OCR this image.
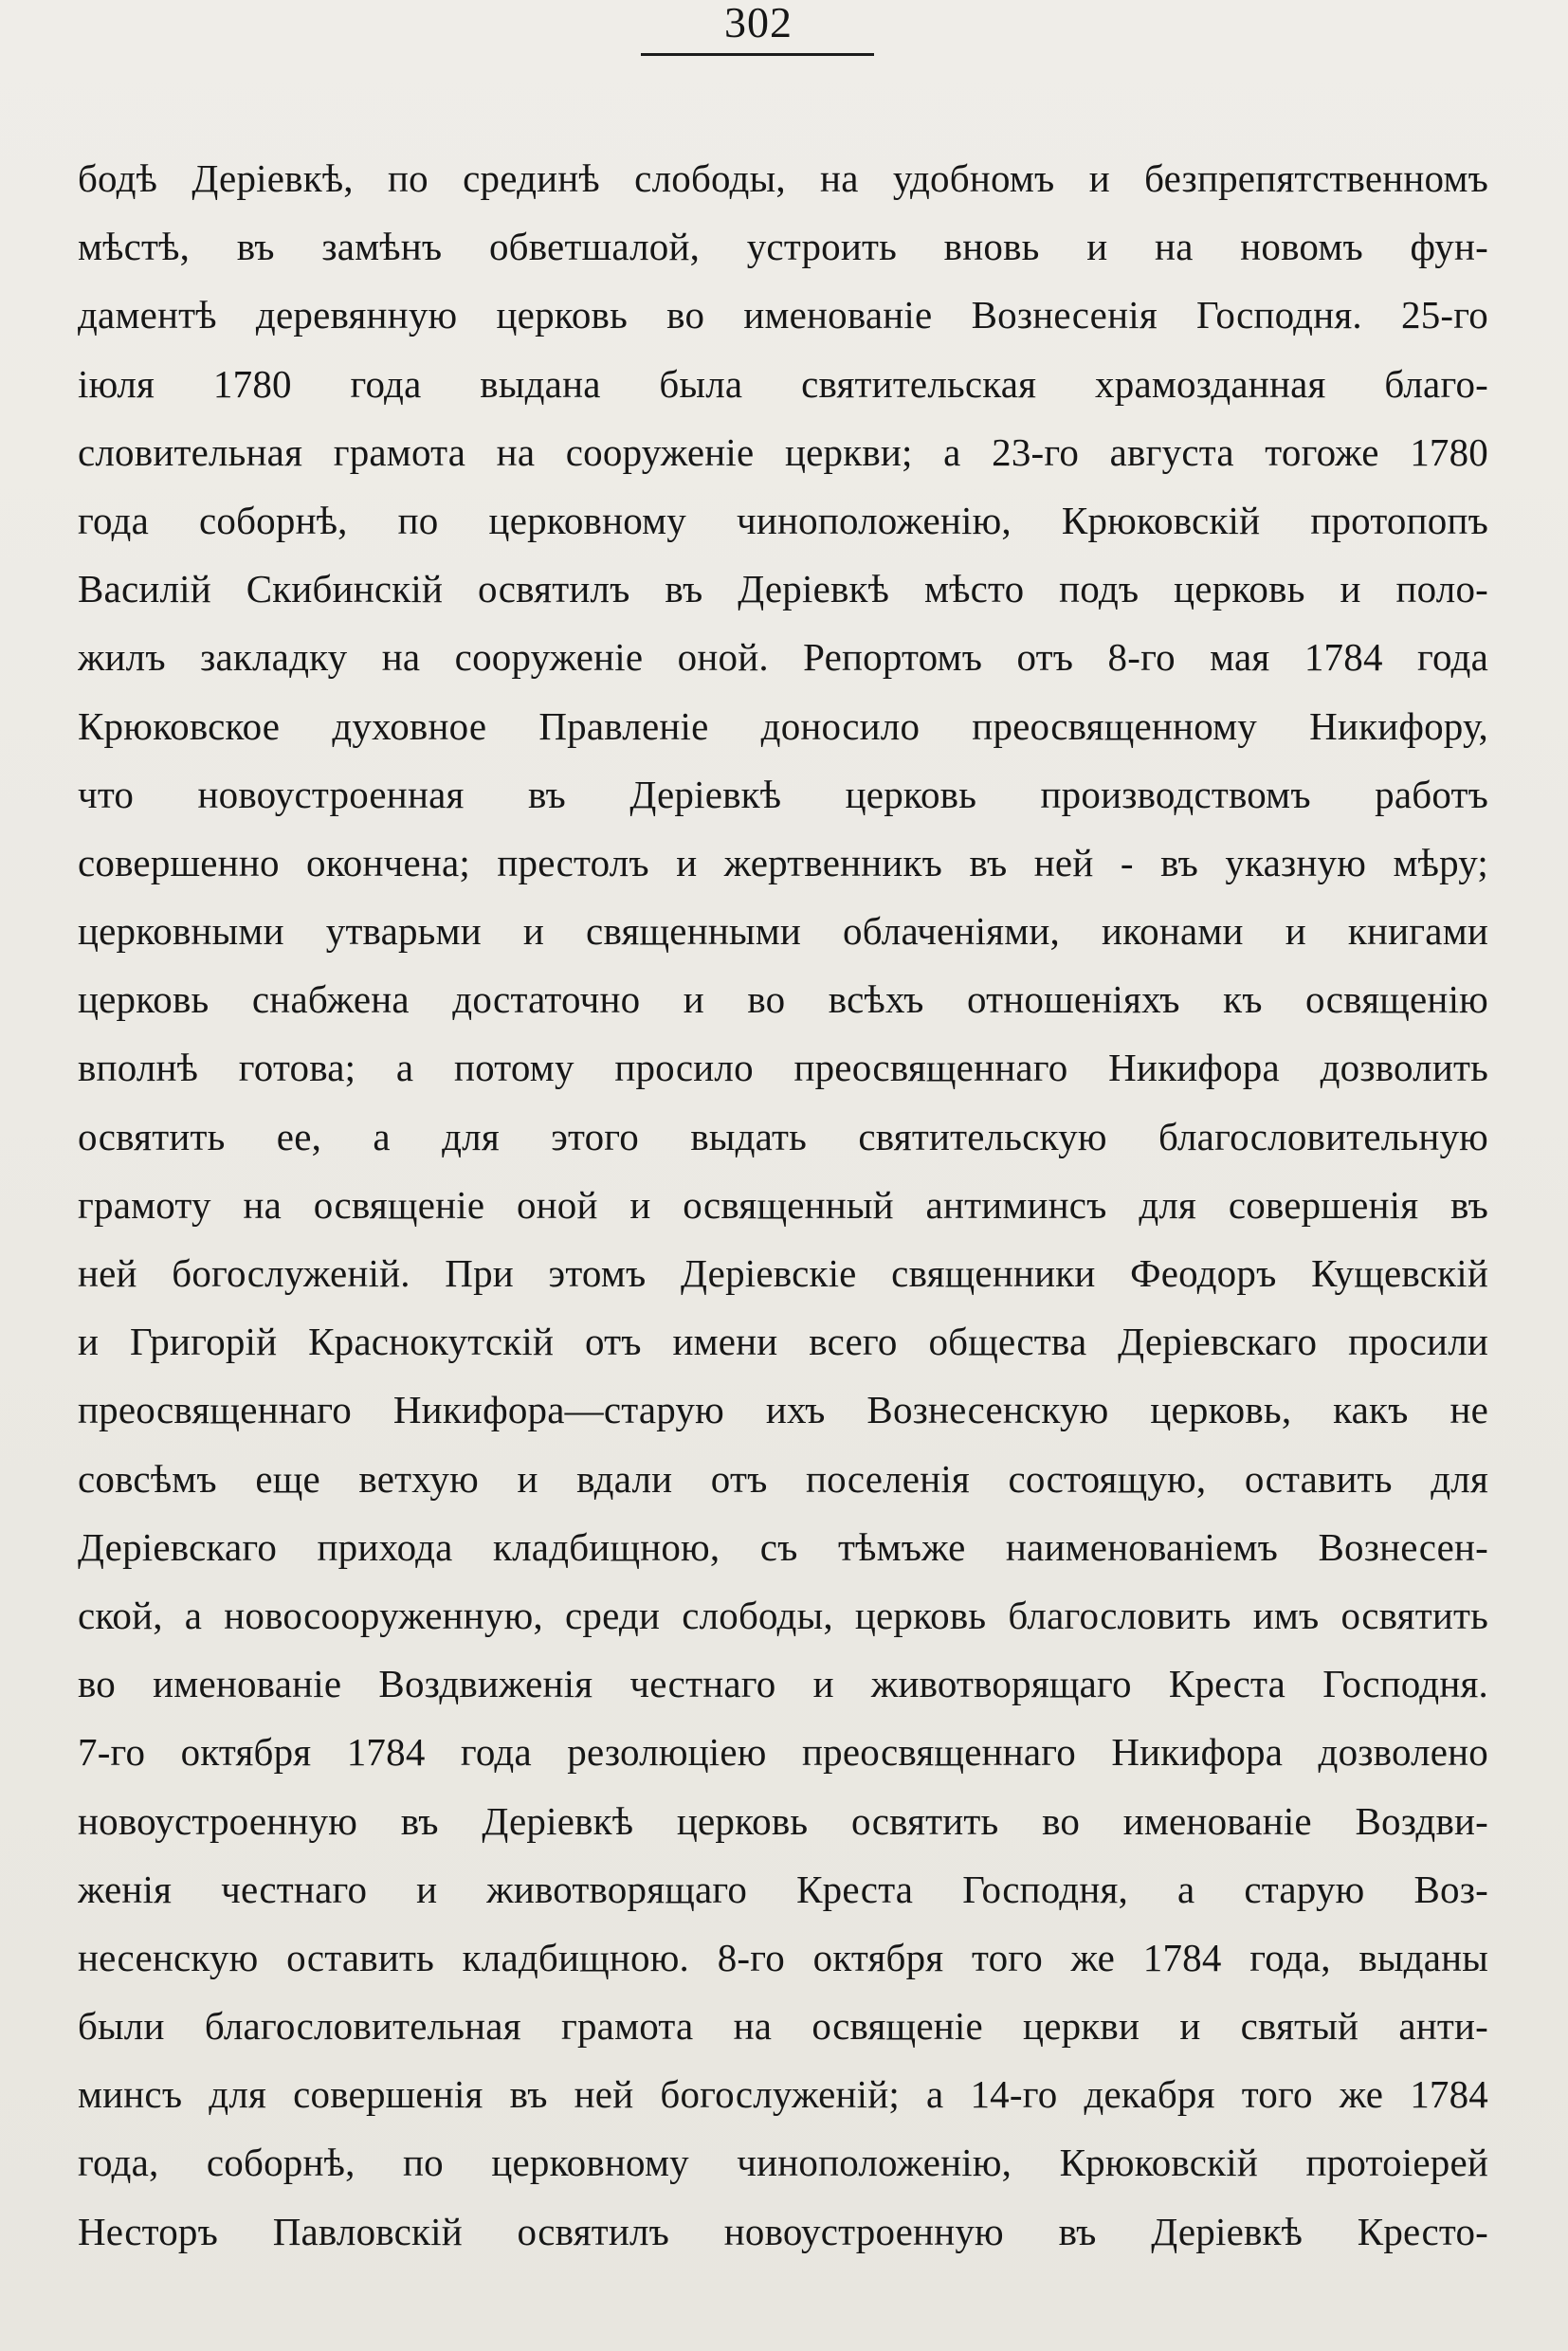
302
бодѣ Деріевкѣ, по срединѣ слободы, на удобномъ и безпрепятственномъ
мѣстѣ, въ замѣнъ обветшалой, устроить вновь и на новомъ фун-
даментѣ деревянную церковь во именованіе Вознесенія Господня. 25-го
іюля 1780 года выдана была святительская храмозданная благо-
словительная грамота на сооруженіе церкви; а 23-го августа тогоже 1780
года соборнѣ, по церковному чиноположенію, Крюковскій протопопъ
Василій Скибинскій освятилъ въ Деріевкѣ мѣсто подъ церковь и поло-
жилъ закладку на сооруженіе оной. Репортомъ отъ 8-го мая 1784 года
Крюковское духовное Правленіе доносило преосвященному Никифору,
что новоустроенная въ Деріевкѣ церковь производствомъ работъ
совершенно окончена; престолъ и жертвенникъ въ ней - въ указную мѣру;
церковными утварьми и священными облаченіями, иконами и книгами
церковь снабжена достаточно и во всѣхъ отношеніяхъ къ освященію
вполнѣ готова; а потому просило преосвященнаго Никифора дозволить
освятить ее, а для этого выдать святительскую благословительную
грамоту на освященіе оной и освященный антиминсъ для совершенія въ
ней богослуженій. При этомъ Деріевскіе священники Феодоръ Кущевскій
и Григорій Краснокутскій отъ имени всего общества Деріевскаго просили
преосвященнаго Никифора—старую ихъ Вознесенскую церковь, какъ не
совсѣмъ еще ветхую и вдали отъ поселенія состоящую, оставить для
Деріевскаго прихода кладбищною, съ тѣмъже наименованіемъ Вознесен-
ской, а новосооруженную, среди слободы, церковь благословить имъ освятить
во именованіе Воздвиженія честнаго и животворящаго Креста Господня.
7-го октября 1784 года резолюціею преосвященнаго Никифора дозволено
новоустроенную въ Деріевкѣ церковь освятить во именованіе Воздви-
женія честнаго и животворящаго Креста Господня, а старую Воз-
несенскую оставить кладбищною. 8-го октября того же 1784 года, выданы
были благословительная грамота на освященіе церкви и святый анти-
минсъ для совершенія въ ней богослуженій; а 14-го декабря того же 1784
года, соборнѣ, по церковному чиноположенію, Крюковскій протоіерей
Несторъ Павловскій освятилъ новоустроенную въ Деріевкѣ Кресто-
